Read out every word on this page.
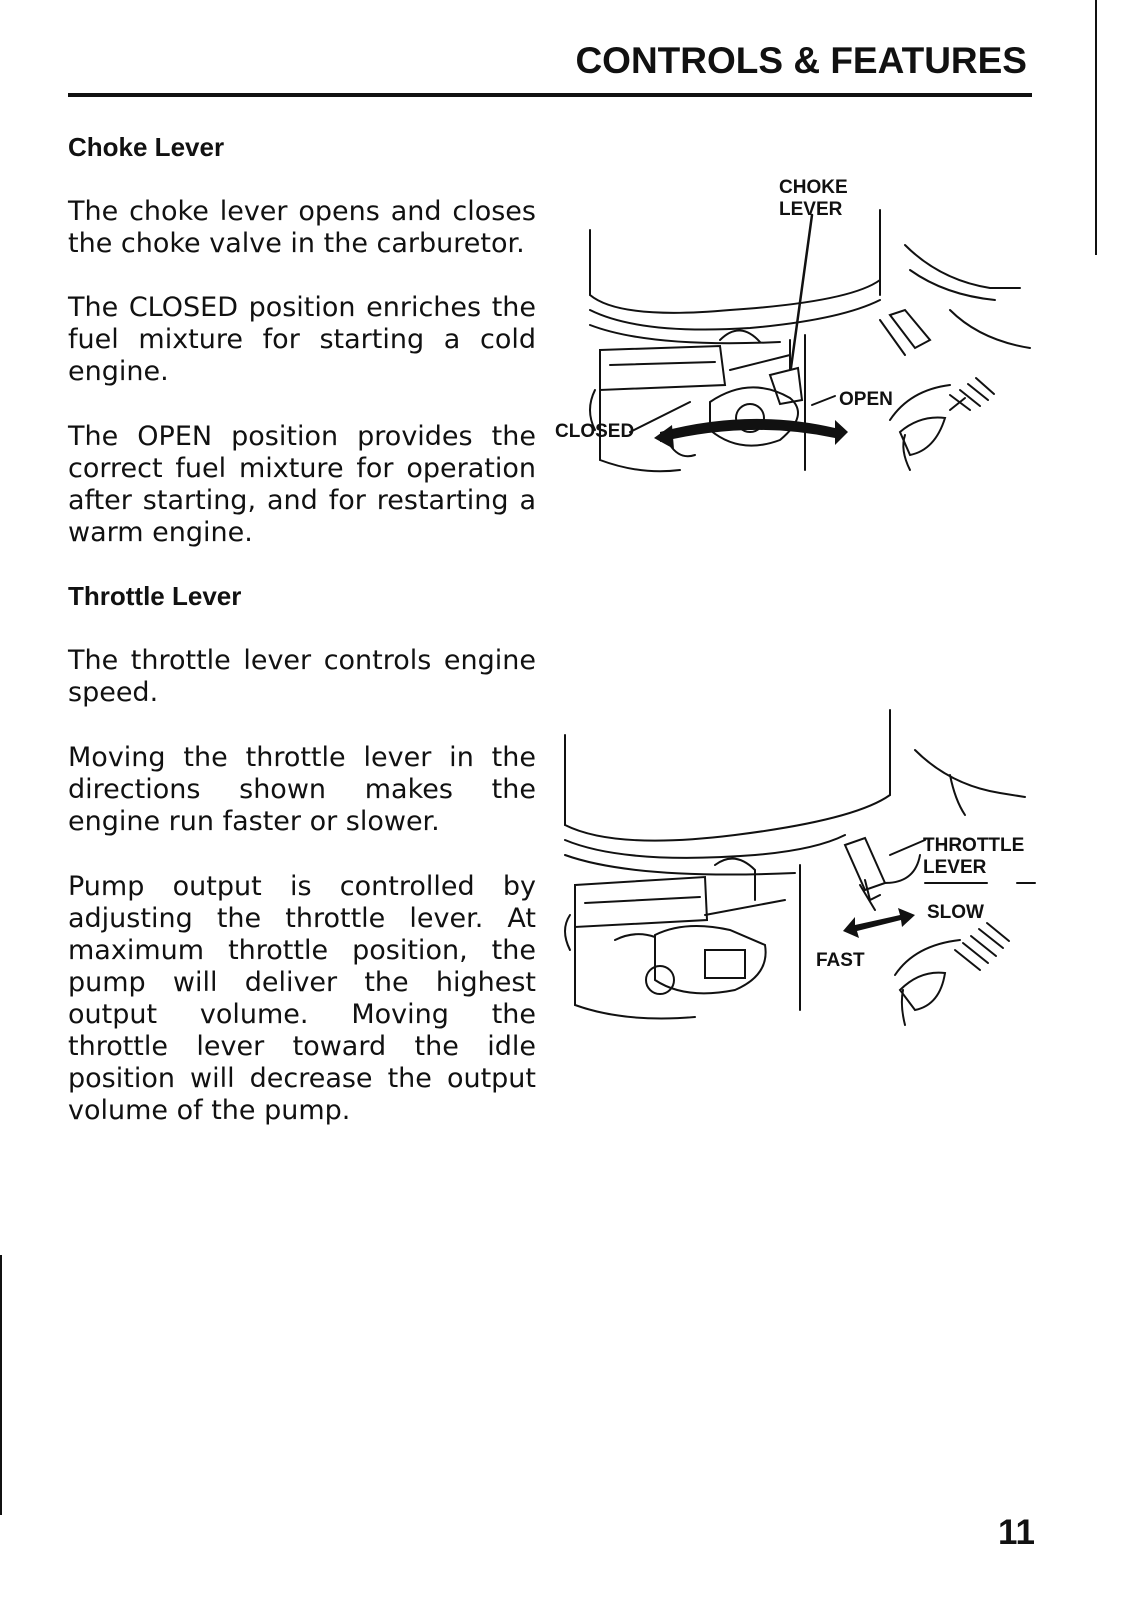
CONTROLS & FEATURES
Choke Lever
The choke lever opens and closes the choke valve in the carburetor.
The CLOSED position enriches the fuel mixture for starting a cold engine.
The OPEN position provides the correct fuel mixture for operation after starting, and for restarting a warm engine.
Throttle Lever
The throttle lever controls engine speed.
Moving the throttle lever in the directions shown makes the engine run faster or slower.
Pump output is controlled by adjusting the throttle lever. At maximum throttle position, the pump will deliver the highest output volume. Moving the throttle lever toward the idle position will decrease the output volume of the pump.
CHOKE
LEVER
OPEN
CLOSED
THROTTLE
LEVER
SLOW
FAST
11
